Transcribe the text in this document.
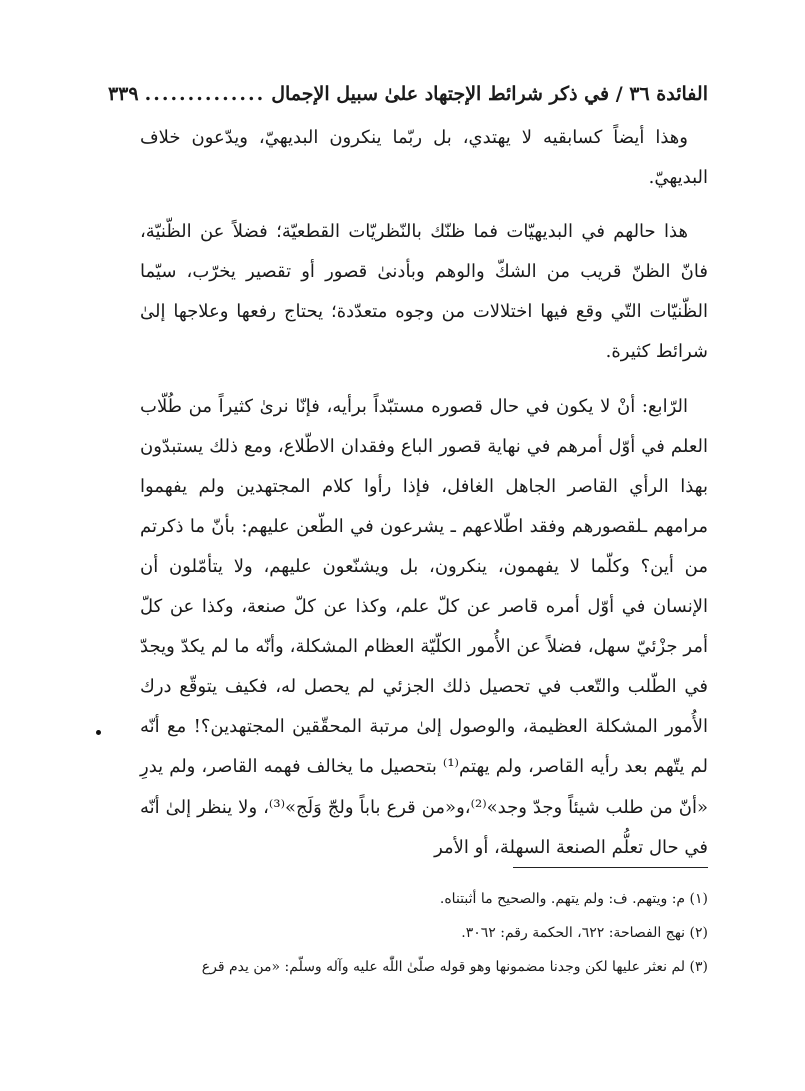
الفائدة ٣٦ / في ذكر شرائط الإجتهاد علىٰ سبيل الإجمال
..............
٣٣٩

وهذا أيضاً كسابقيه لا يهتدي، بل ربّما ينكرون البديهيّ، ويدّعون خلاف البديهيّ.

هذا حالهم في البديهيّات فما ظنّك بالنّظريّات القطعيّة؛ فضلاً عن الظّنيّة، فانّ الظنّ قريب من الشكّ والوهم وبأدنىٰ قصور أو تقصير يخرّب، سيّما الظّنيّات التّي وقع فيها اختلالات من وجوه متعدّدة؛ يحتاج رفعها وعلاجها إلىٰ شرائط كثيرة.

الرّابع: أنْ لا يكون في حال قصوره مستبّداً برأيه، فإنّا نرىٰ كثيراً من طُلّاب العلم في أوّل أمرهم في نهاية قصور الباع وفقدان الاطّلاع، ومع ذلك يستبدّون بهذا الرأي القاصر الجاهل الغافل، فإذا رأوا كلام المجتهدين ولم يفهموا مرامهم ـلقصورهم وفقد اطّلاعهم ـ يشرعون في الطّعن عليهم: بأنّ ما ذكرتم من أين؟ وكلّما لا يفهمون، ينكرون، بل ويشنّعون عليهم، ولا يتأمّلون أن الإنسان في أوّل أمره قاصر عن كلّ علم، وكذا عن كلّ صنعة، وكذا عن كلّ أمر جزْئيّ سهل، فضلاً عن الأُمور الكلّيّة العظام المشكلة، وأنّه ما لم يكدّ ويجدّ في الطّلب والتّعب في تحصيل ذلك الجزئي لم يحصل له، فكيف يتوقّع درك الأُمور المشكلة العظيمة، والوصول إلىٰ مرتبة المحقّقين المجتهدين؟! مع أنّه لم يتّهم بعد رأيه القاصر، ولم يهتم⁽¹⁾ بتحصيل ما يخالف فهمه القاصر، ولم يدرِ «أنّ من طلب شيئاً وجدّ وجد»⁽²⁾،و«من قرع باباً ولجّ وَلَج»⁽³⁾، ولا ينظر إلىٰ أنّه في حال تعلُّم الصنعة السهلة، أو الأمر

(١) م: ويتهم. ف: ولم يتهم. والصحيح ما أثبتناه.

(٢) نهج الفصاحة: ٦٢٢، الحكمة رقم: ٣٠٦٢.

(٣) لم نعثر عليها لكن وجدنا مضمونها وهو قوله صلّىٰ اللّٰه عليه وآله وسلّم: «من يدم قرع
